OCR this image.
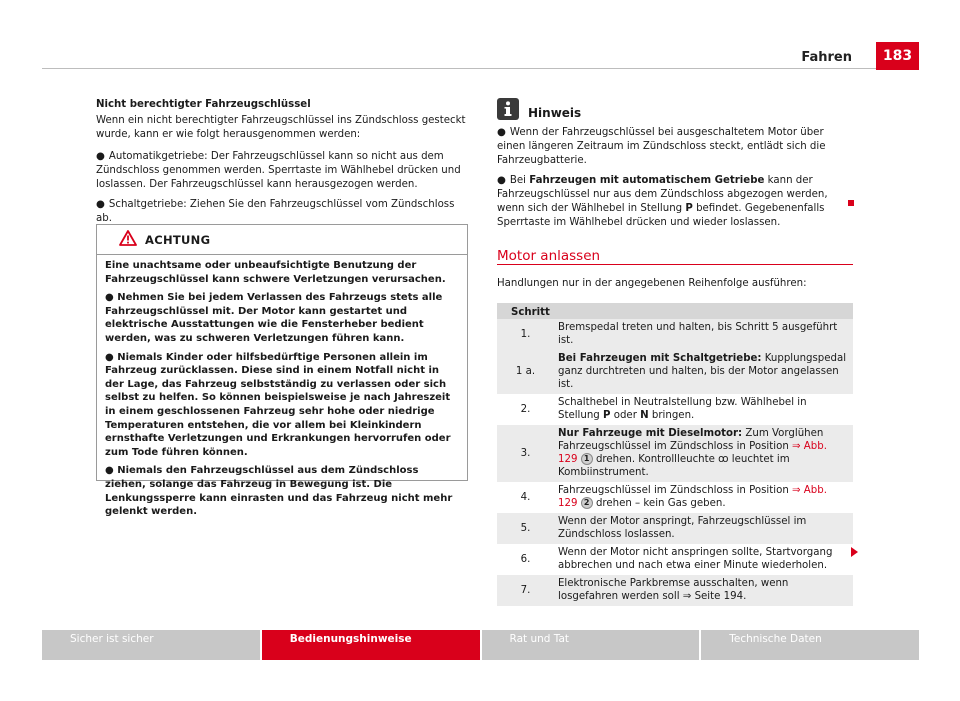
Fahren	183
Nicht berechtigter Fahrzeugschlüssel
Wenn ein nicht berechtigter Fahrzeugschlüssel ins Zündschloss gesteckt wurde, kann er wie folgt herausgenommen werden:
● Automatikgetriebe: Der Fahrzeugschlüssel kann so nicht aus dem Zündschloss genommen werden. Sperrtaste im Wählhebel drücken und loslassen. Der Fahrzeugschlüssel kann herausgezogen werden.
● Schaltgetriebe: Ziehen Sie den Fahrzeugschlüssel vom Zündschloss ab.
ACHTUNG

Eine unachtsame oder unbeaufsichtigte Benutzung der Fahrzeugschlüssel kann schwere Verletzungen verursachen.

● Nehmen Sie bei jedem Verlassen des Fahrzeugs stets alle Fahrzeugschlüssel mit. Der Motor kann gestartet und elektrische Ausstattungen wie die Fensterheber bedient werden, was zu schweren Verletzungen führen kann.

● Niemals Kinder oder hilfsbedürftige Personen allein im Fahrzeug zurücklassen. Diese sind in einem Notfall nicht in der Lage, das Fahrzeug selbstständig zu verlassen oder sich selbst zu helfen. So können beispielsweise je nach Jahreszeit in einem geschlossenen Fahrzeug sehr hohe oder niedrige Temperaturen entstehen, die vor allem bei Kleinkindern ernsthafte Verletzungen und Erkrankungen hervorrufen oder zum Tode führen können.

● Niemals den Fahrzeugschlüssel aus dem Zündschloss ziehen, solange das Fahrzeug in Bewegung ist. Die Lenkungssperre kann einrasten und das Fahrzeug nicht mehr gelenkt werden.

Hinweis
● Wenn der Fahrzeugschlüssel bei ausgeschaltetem Motor über einen längeren Zeitraum im Zündschloss steckt, entlädt sich die Fahrzeugbatterie.
● Bei Fahrzeugen mit automatischem Getriebe kann der Fahrzeugschlüssel nur aus dem Zündschloss abgezogen werden, wenn sich der Wählhebel in Stellung P befindet. Gegebenenfalls Sperrtaste im Wählhebel drücken und wieder loslassen.
Motor anlassen
Handlungen nur in der angegebenen Reihenfolge ausführen:
Schritt	
1.	Bremspedal treten und halten, bis Schritt 5 ausgeführt ist.
1 a.	Bei Fahrzeugen mit Schaltgetriebe: Kupplungspedal ganz durchtreten und halten, bis der Motor angelassen ist.
2.	Schalthebel in Neutralstellung bzw. Wählhebel in Stellung P oder N bringen.
3.	Nur Fahrzeuge mit Dieselmotor: Zum Vorglühen Fahrzeugschlüssel im Zündschloss in Position ⇒ Abb. 129 1 drehen. Kontrollleuchte ꝏ leuchtet im Kombiinstrument.
4.	Fahrzeugschlüssel im Zündschloss in Position ⇒ Abb. 129 2 drehen – kein Gas geben.
5.	Wenn der Motor anspringt, Fahrzeugschlüssel im Zündschloss loslassen.
6.	Wenn der Motor nicht anspringen sollte, Startvorgang abbrechen und nach etwa einer Minute wiederholen.
7.	Elektronische Parkbremse ausschalten, wenn losgefahren werden soll ⇒ Seite 194.
Sicher ist sicher	Bedienungshinweise	Rat und Tat	Technische Daten
